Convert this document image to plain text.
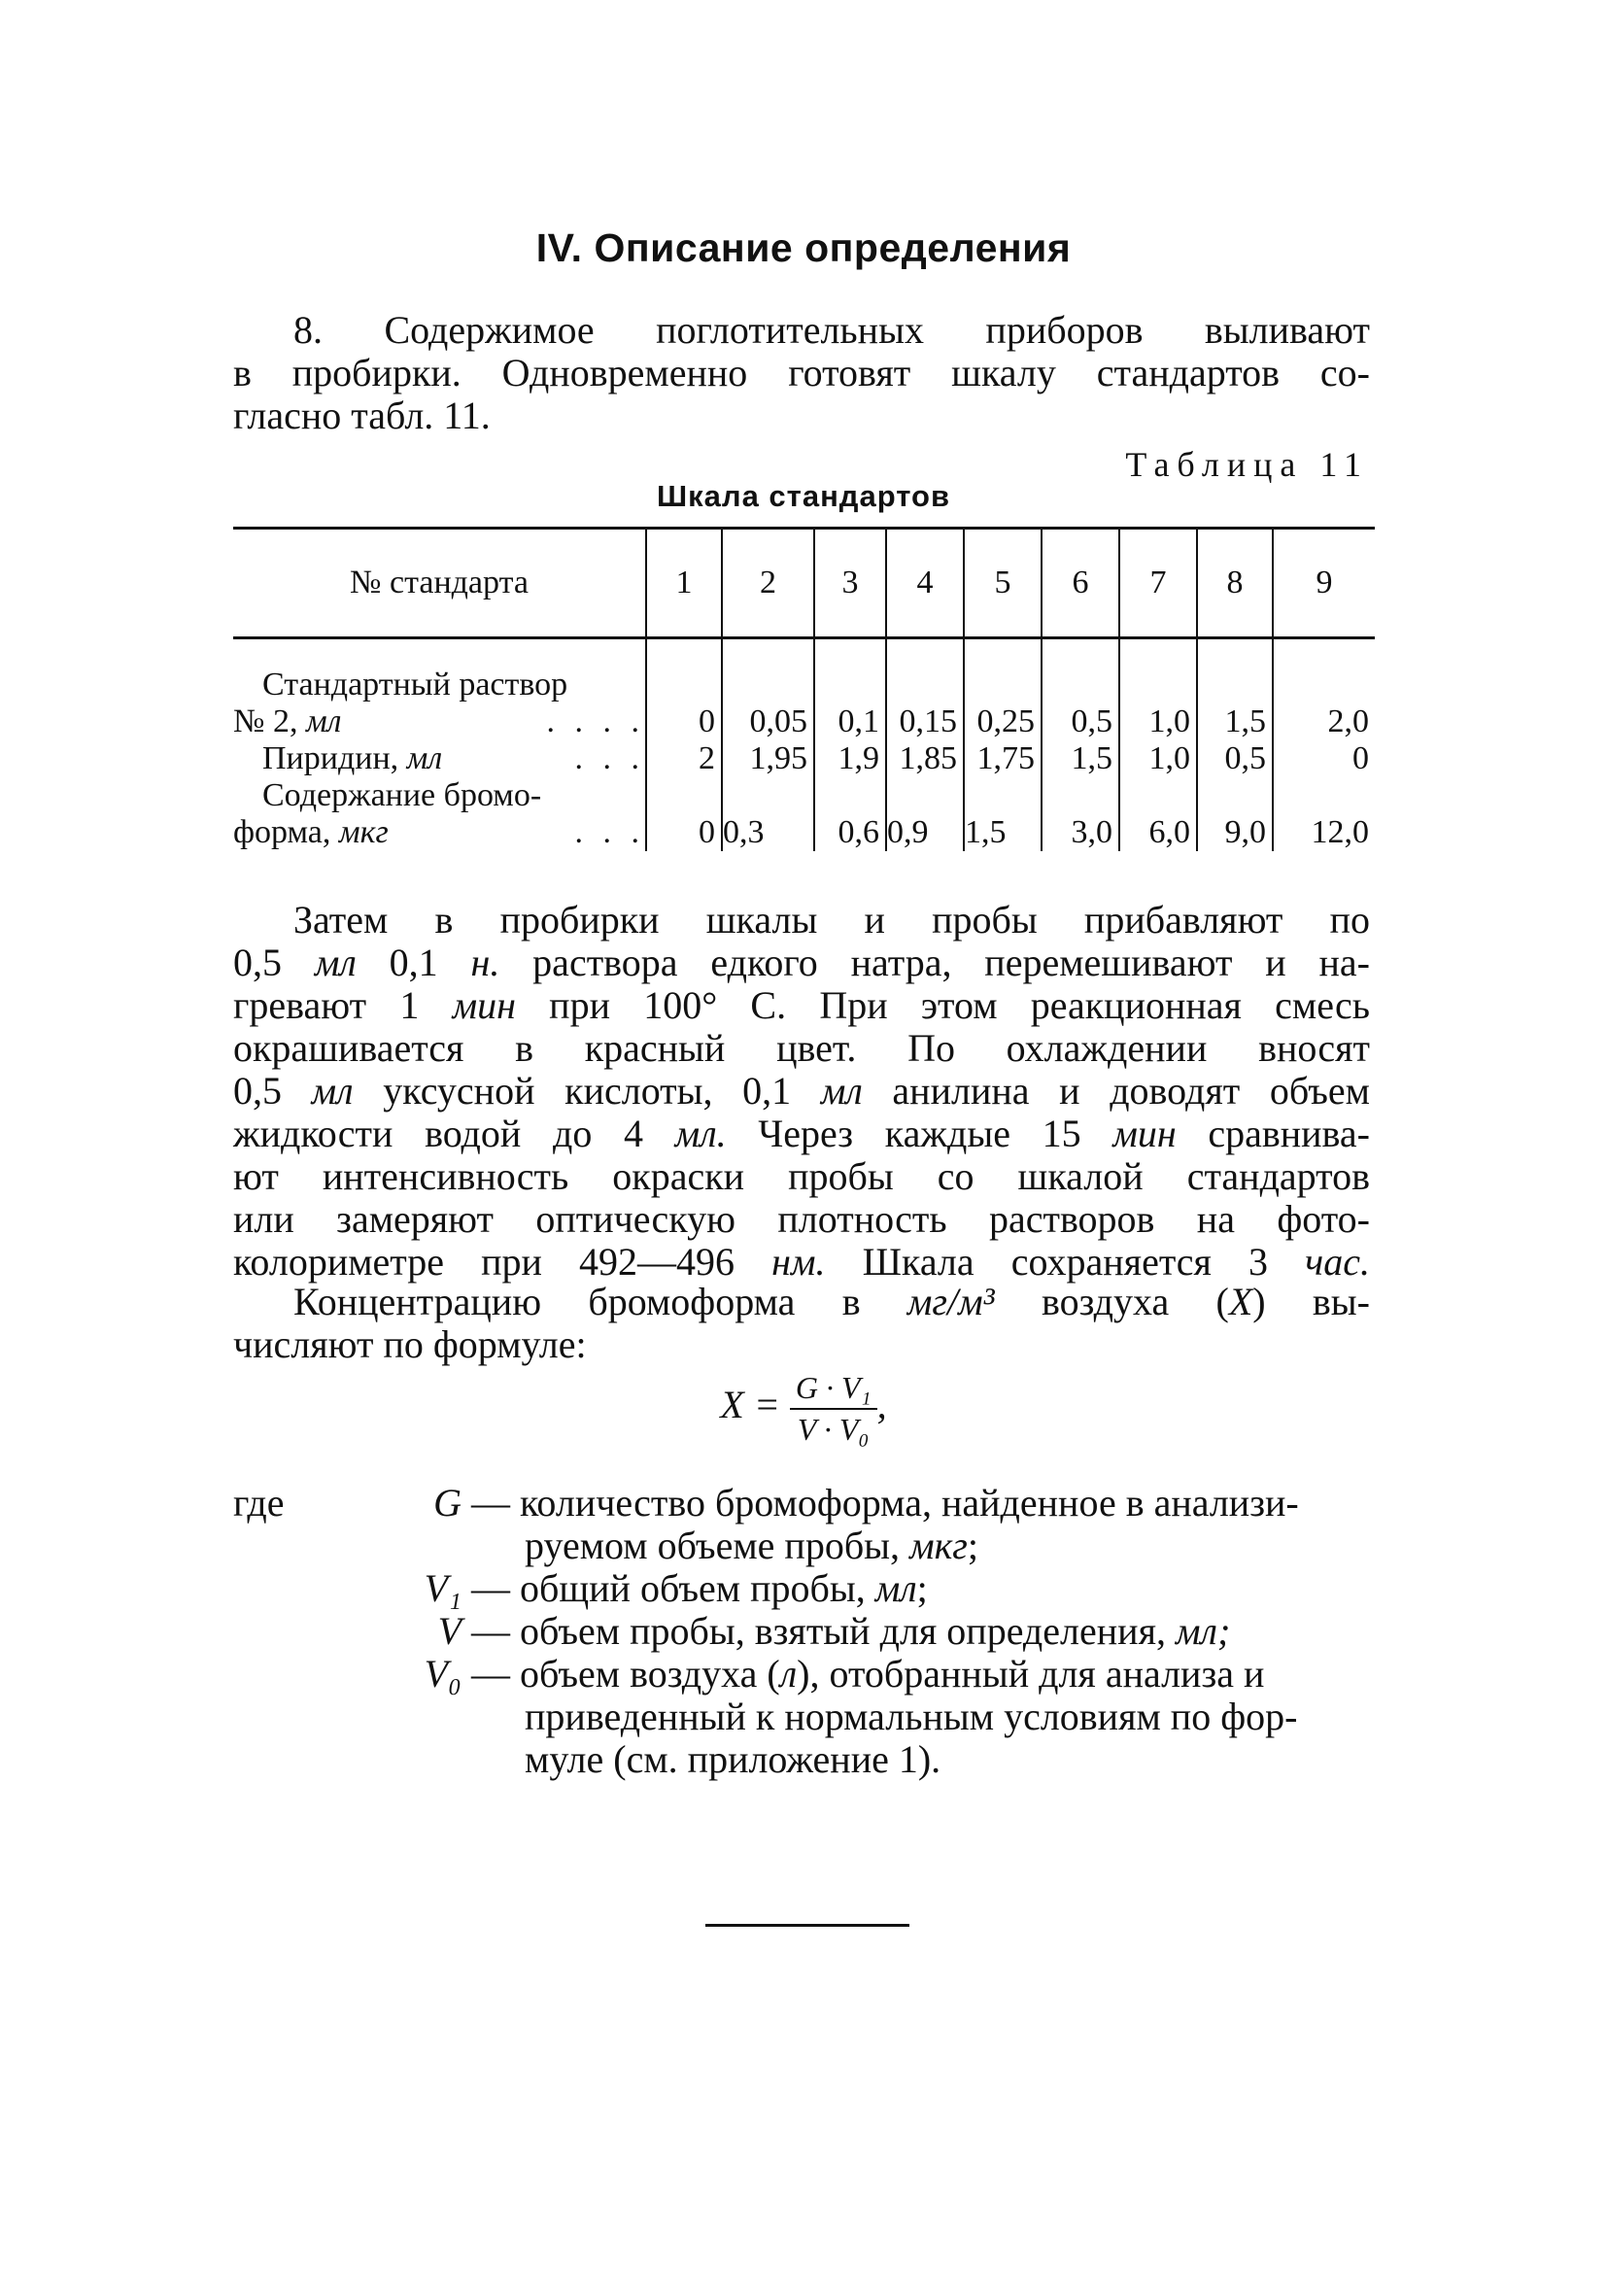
IV. Описание определения
8. Содержимое поглотительных приборов выливают
в пробирки. Одновременно готовят шкалу стандартов со-
гласно табл. 11.
Таблица 11
Шкала стандартов
№ стандарта	1	2	3	4	5	6	7	8	9

Стандартный раствор									
№ 2, мл . . . .	0	0,05	0,1	0,15	0,25	0,5	1,0	1,5	2,0
Пиридин, мл . . .	2	1,95	1,9	1,85	1,75	1,5	1,0	0,5	0
Содержание бромо-									
форма, мкг . . .	0	0,3	0,6	0,9	1,5	3,0	6,0	9,0	12,0
Затем в пробирки шкалы и пробы прибавляют по
0,5 мл 0,1 н. раствора едкого натра, перемешивают и на-
гревают 1 мин при 100° С. При этом реакционная смесь
окрашивается в красный цвет. По охлаждении вносят
0,5 мл уксусной кислоты, 0,1 мл анилина и доводят объем
жидкости водой до 4 мл. Через каждые 15 мин сравнива-
ют интенсивность окраски пробы со шкалой стандартов
или замеряют оптическую плотность растворов на фото-
колориметре при 492—496 нм. Шкала сохраняется 3 час.
Концентрацию бромоформа в мг/м³ воздуха (X) вы-
числяют по формуле:
$X = \frac{\text{G · V₁}}{\text{V · V₀}}$ ,
где	G — количество бромоформа, найденное в анализи-
руемом объеме пробы, мкг;
V₁ — общий объем пробы, мл;
V — объем пробы, взятый для определения, мл;
V₀ — объем воздуха (л), отобранный для анализа и
приведенный к нормальным условиям по фор-
муле (см. приложение 1).
